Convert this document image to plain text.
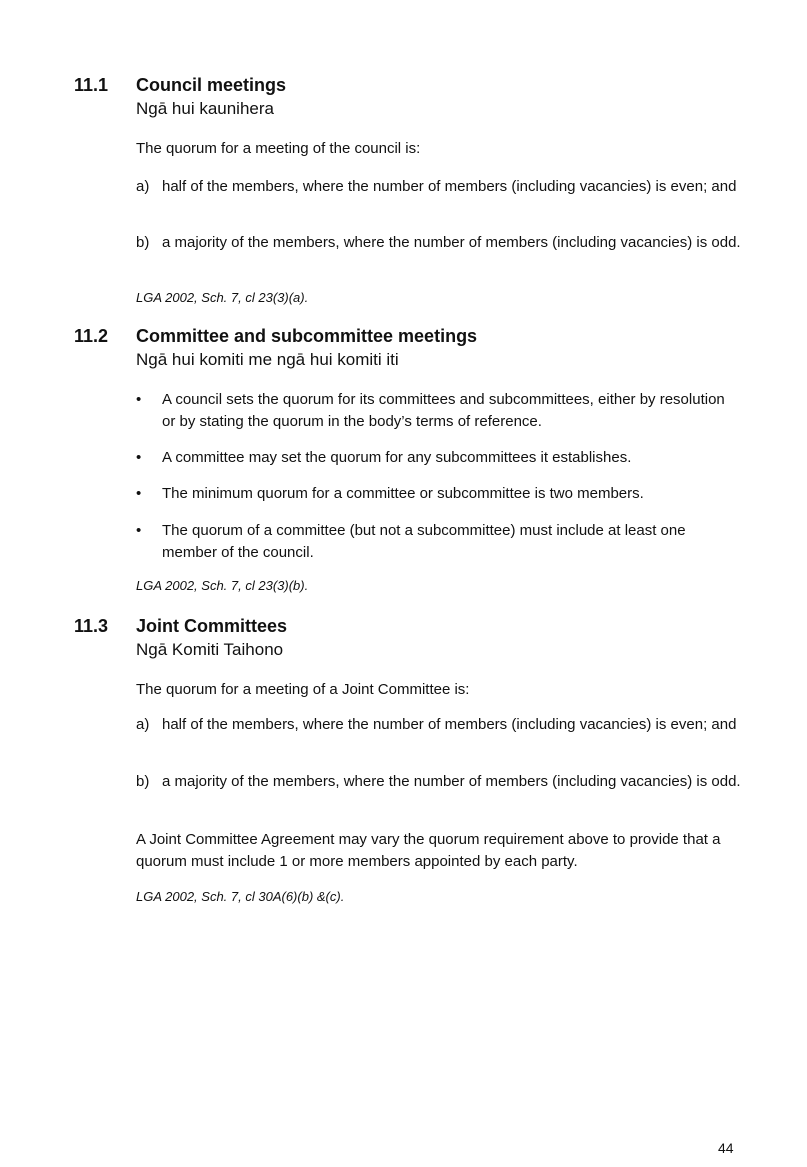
11.1 Council meetings
Ngā hui kaunihera
The quorum for a meeting of the council is:
a) half of the members, where the number of members (including vacancies) is even; and
b) a majority of the members, where the number of members (including vacancies) is odd.
LGA 2002, Sch. 7, cl 23(3)(a).
11.2 Committee and subcommittee meetings
Ngā hui komiti me ngā hui komiti iti
• A council sets the quorum for its committees and subcommittees, either by resolution or by stating the quorum in the body’s terms of reference.
• A committee may set the quorum for any subcommittees it establishes.
• The minimum quorum for a committee or subcommittee is two members.
• The quorum of a committee (but not a subcommittee) must include at least one member of the council.
LGA 2002, Sch. 7, cl 23(3)(b).
11.3 Joint Committees
Ngā Komiti Taihono
The quorum for a meeting of a Joint Committee is:
a) half of the members, where the number of members (including vacancies) is even; and
b) a majority of the members, where the number of members (including vacancies) is odd.
A Joint Committee Agreement may vary the quorum requirement above to provide that a quorum must include 1 or more members appointed by each party.
LGA 2002, Sch. 7, cl 30A(6)(b) &(c).
44
